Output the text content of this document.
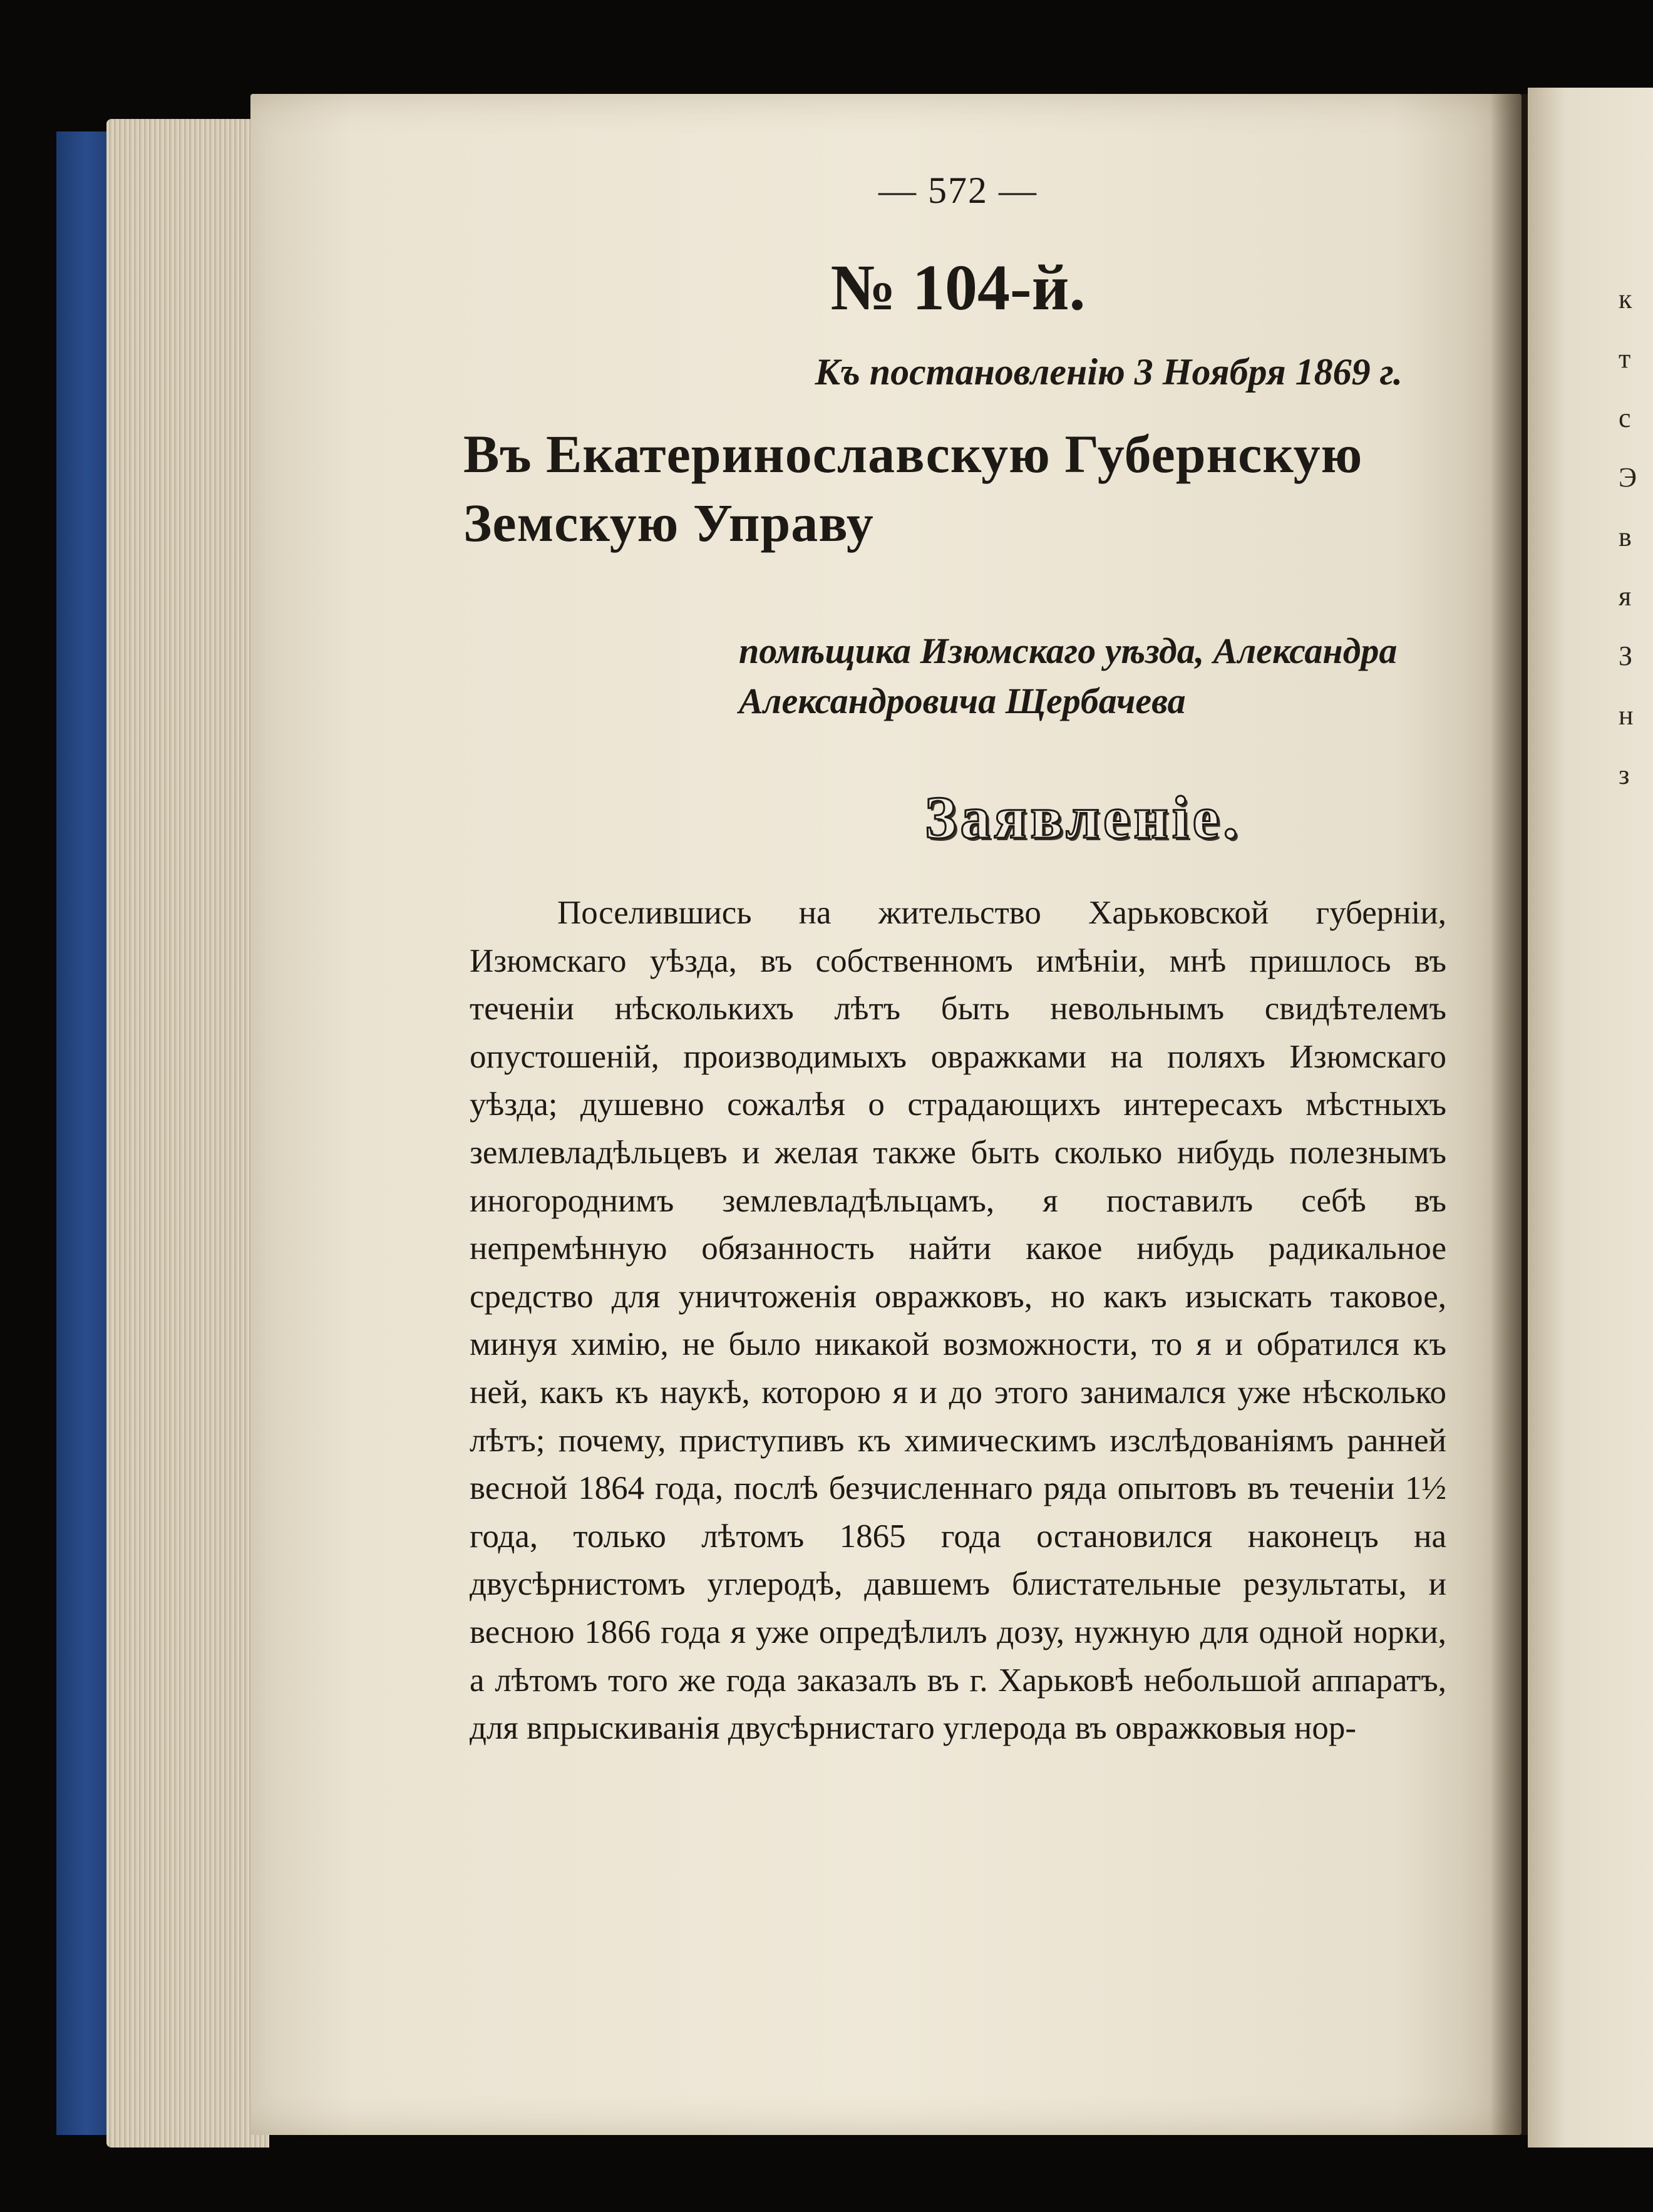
к
т
с
Э
в
я
З
н
з
— 572 —
№ 104-й.
Къ постановленію 3 Ноября 1869 г.
Въ Екатеринославскую Губернскую
Земскую Управу
помѣщика Изюмскаго уѣзда, Александра
Александровича Щербачева
Заявленіе.
Поселившись на жительство Харьковской губерніи, Изюмскаго уѣзда, въ собственномъ имѣніи, мнѣ пришлось въ теченіи нѣсколькихъ лѣтъ быть невольнымъ свидѣтелемъ опустошеній, производимыхъ овражками на поляхъ Изюмскаго уѣзда; душевно сожалѣя о страдающихъ интересахъ мѣстныхъ землевладѣльцевъ и желая также быть сколько нибудь полезнымъ иногороднимъ землевладѣльцамъ, я поставилъ себѣ въ непремѣнную обязанность найти какое нибудь радикальное средство для уничтоженія овражковъ, но какъ изыскать таковое, минуя химію, не было никакой возможности, то я и обратился къ ней, какъ къ наукѣ, которою я и до этого занимался уже нѣсколько лѣтъ; почему, приступивъ къ химическимъ изслѣдованіямъ ранней весной 1864 года, послѣ безчисленнаго ряда опытовъ въ теченіи 1½ года, только лѣтомъ 1865 года остановился наконецъ на двусѣрнистомъ углеродѣ, давшемъ блистательные результаты, и весною 1866 года я уже опредѣлилъ дозу, нужную для одной норки, а лѣтомъ того же года заказалъ въ г. Харьковѣ небольшой аппаратъ, для впрыскиванія двусѣрнистаго углерода въ овражковыя нор-
